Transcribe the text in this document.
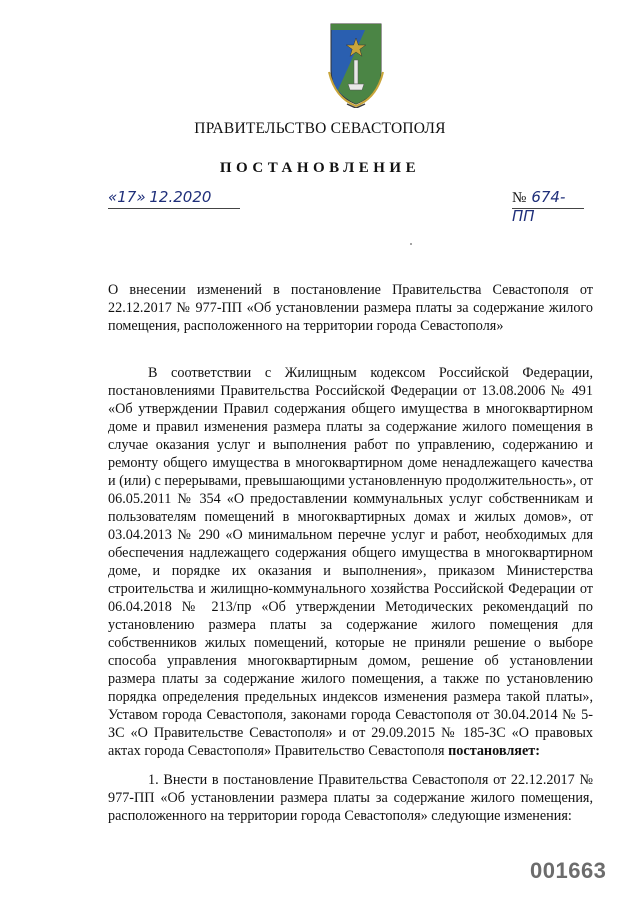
ПРАВИТЕЛЬСТВО СЕВАСТОПОЛЯ
ПОСТАНОВЛЕНИЕ
«17» 12.2020	№ 674-ПП
О внесении изменений в постановление Правительства Севастополя от 22.12.2017 № 977-ПП «Об установлении размера платы за содержание жилого помещения, расположенного на территории города Севастополя»
В соответствии с Жилищным кодексом Российской Федерации, постановлениями Правительства Российской Федерации от 13.08.2006 № 491 «Об утверждении Правил содержания общего имущества в многоквартирном доме и правил изменения размера платы за содержание жилого помещения в случае оказания услуг и выполнения работ по управлению, содержанию и ремонту общего имущества в многоквартирном доме ненадлежащего качества и (или) с перерывами, превышающими установленную продолжительность», от 06.05.2011 № 354 «О предоставлении коммунальных услуг собственникам и пользователям помещений в многоквартирных домах и жилых домов», от 03.04.2013 № 290 «О минимальном перечне услуг и работ, необходимых для обеспечения надлежащего содержания общего имущества в многоквартирном доме, и порядке их оказания и выполнения», приказом Министерства строительства и жилищно-коммунального хозяйства Российской Федерации от 06.04.2018 № 213/пр «Об утверждении Методических рекомендаций по установлению размера платы за содержание жилого помещения для собственников жилых помещений, которые не приняли решение о выборе способа управления многоквартирным домом, решение об установлении размера платы за содержание жилого помещения, а также по установлению порядка определения предельных индексов изменения размера такой платы», Уставом города Севастополя, законами города Севастополя от 30.04.2014 № 5-ЗС «О Правительстве Севастополя» и от 29.09.2015 № 185-ЗС «О правовых актах города Севастополя» Правительство Севастополя постановляет:
1. Внести в постановление Правительства Севастополя от 22.12.2017 № 977-ПП «Об установлении размера платы за содержание жилого помещения, расположенного на территории города Севастополя» следующие изменения:
001663
